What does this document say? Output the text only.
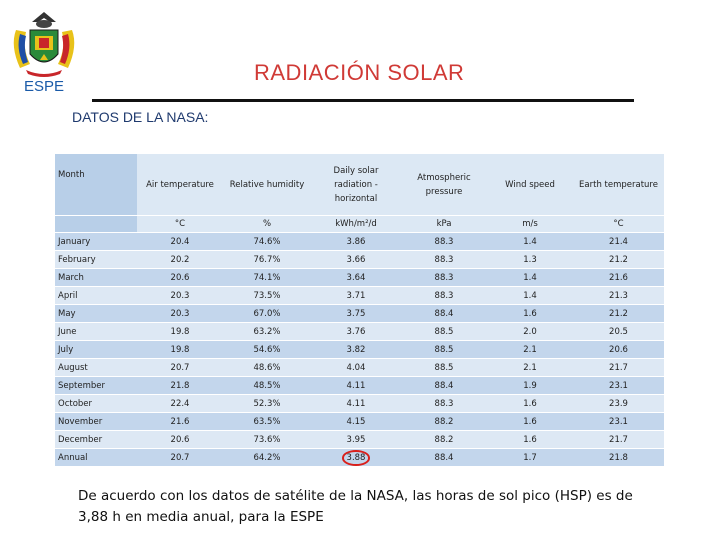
ESPE
RADIACIÓN SOLAR
DATOS DE LA NASA:
Month	Air temperature	Relative humidity	Daily solar radiation - horizontal	Atmospheric pressure	Wind speed	Earth temperature
	°C	%	kWh/m²/d	kPa	m/s	°C
January	20.4	74.6%	3.86	88.3	1.4	21.4
February	20.2	76.7%	3.66	88.3	1.3	21.2
March	20.6	74.1%	3.64	88.3	1.4	21.6
April	20.3	73.5%	3.71	88.3	1.4	21.3
May	20.3	67.0%	3.75	88.4	1.6	21.2
June	19.8	63.2%	3.76	88.5	2.0	20.5
July	19.8	54.6%	3.82	88.5	2.1	20.6
August	20.7	48.6%	4.04	88.5	2.1	21.7
September	21.8	48.5%	4.11	88.4	1.9	23.1
October	22.4	52.3%	4.11	88.3	1.6	23.9
November	21.6	63.5%	4.15	88.2	1.6	23.1
December	20.6	73.6%	3.95	88.2	1.6	21.7
Annual	20.7	64.2%	3.88	88.4	1.7	21.8
De acuerdo con los datos de satélite de la NASA, las horas de sol pico (HSP) es de 3,88 h en media anual, para la ESPE
